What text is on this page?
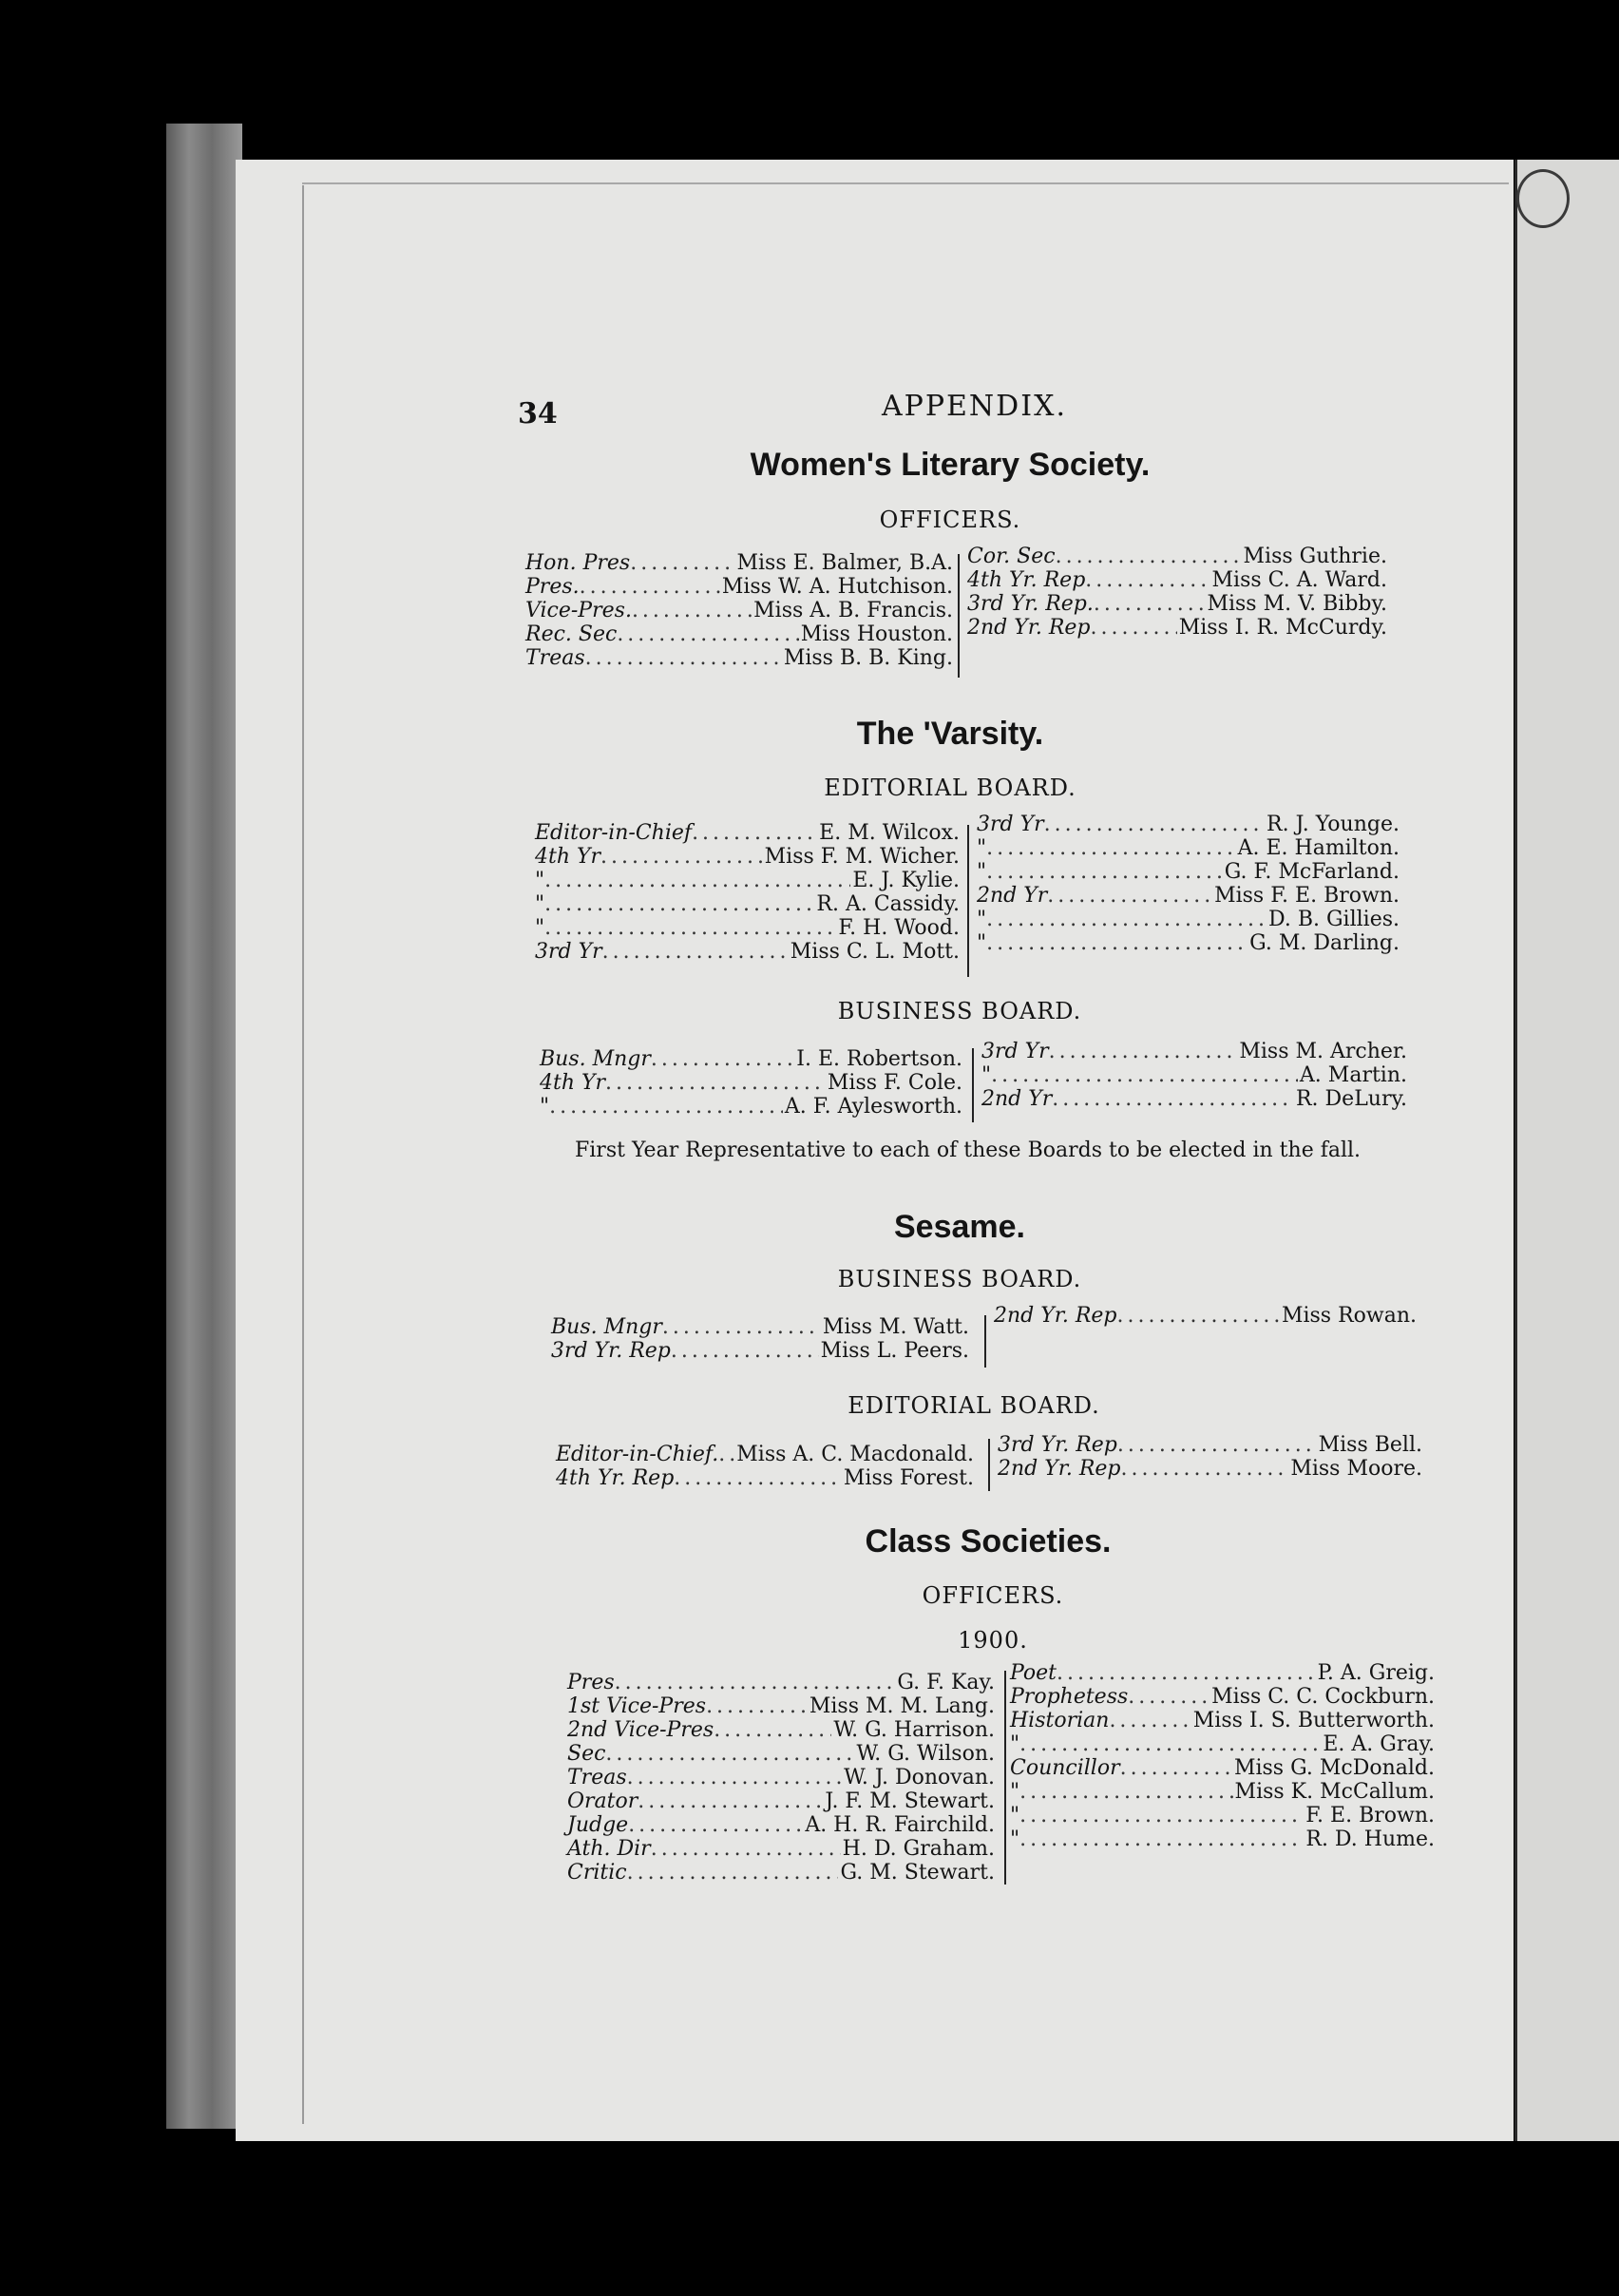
34	APPENDIX.
Women's Literary Society.
OFFICERS.
Hon. Pres .....	Miss E. Balmer, B.A.
Pres. .....	Miss W. A. Hutchison.
Vice-Pres. .....	Miss A. B. Francis.
Rec. Sec .....	Miss Houston.
Treas .....	Miss B. B. King.
Cor. Sec .....	Miss Guthrie.
4th Yr. Rep .....	Miss C. A. Ward.
3rd Yr. Rep. .....	Miss M. V. Bibby.
2nd Yr. Rep .....	Miss I. R. McCurdy.
The 'Varsity.
EDITORIAL BOARD.
Editor-in-Chief .....	E. M. Wilcox.
4th Yr .....	Miss F. M. Wicher.
" .....	E. J. Kylie.
" .....	R. A. Cassidy.
" .....	F. H. Wood.
3rd Yr .....	Miss C. L. Mott.
3rd Yr .....	R. J. Younge.
" .....	A. E. Hamilton.
" .....	G. F. McFarland.
2nd Yr .....	Miss F. E. Brown.
" .....	D. B. Gillies.
" .....	G. M. Darling.
BUSINESS BOARD.
Bus. Mngr .....	I. E. Robertson.
4th Yr .....	Miss F. Cole.
" .....	A. F. Aylesworth.
3rd Yr .....	Miss M. Archer.
" .....	A. Martin.
2nd Yr .....	R. DeLury.
First Year Representative to each of these Boards to be elected in the fall.
Sesame.
BUSINESS BOARD.
Bus. Mngr .....	Miss M. Watt.
3rd Yr. Rep .....	Miss L. Peers.
2nd Yr. Rep .....	Miss Rowan.
EDITORIAL BOARD.
Editor-in-Chief. ..... Miss A. C. Macdonald.
4th Yr. Rep .....	Miss Forest.
3rd Yr. Rep .....	Miss Bell.
2nd Yr. Rep .....	Miss Moore.
Class Societies.
OFFICERS.
1900.
Pres .....	G. F. Kay.
1st Vice-Pres .....	Miss M. M. Lang.
2nd Vice-Pres .....	W. G. Harrison.
Sec .....	W. G. Wilson.
Treas .....	W. J. Donovan.
Orator .....	J. F. M. Stewart.
Judge .....	A. H. R. Fairchild.
Ath. Dir .....	H. D. Graham.
Critic .....	G. M. Stewart.
Poet .....	P. A. Greig.
Prophetess .....	Miss C. C. Cockburn.
Historian .....	Miss I. S. Butterworth.
" .....	E. A. Gray.
Councillor .....	Miss G. McDonald.
" .....	Miss K. McCallum.
" .....	F. E. Brown.
" .....	R. D. Hume.
